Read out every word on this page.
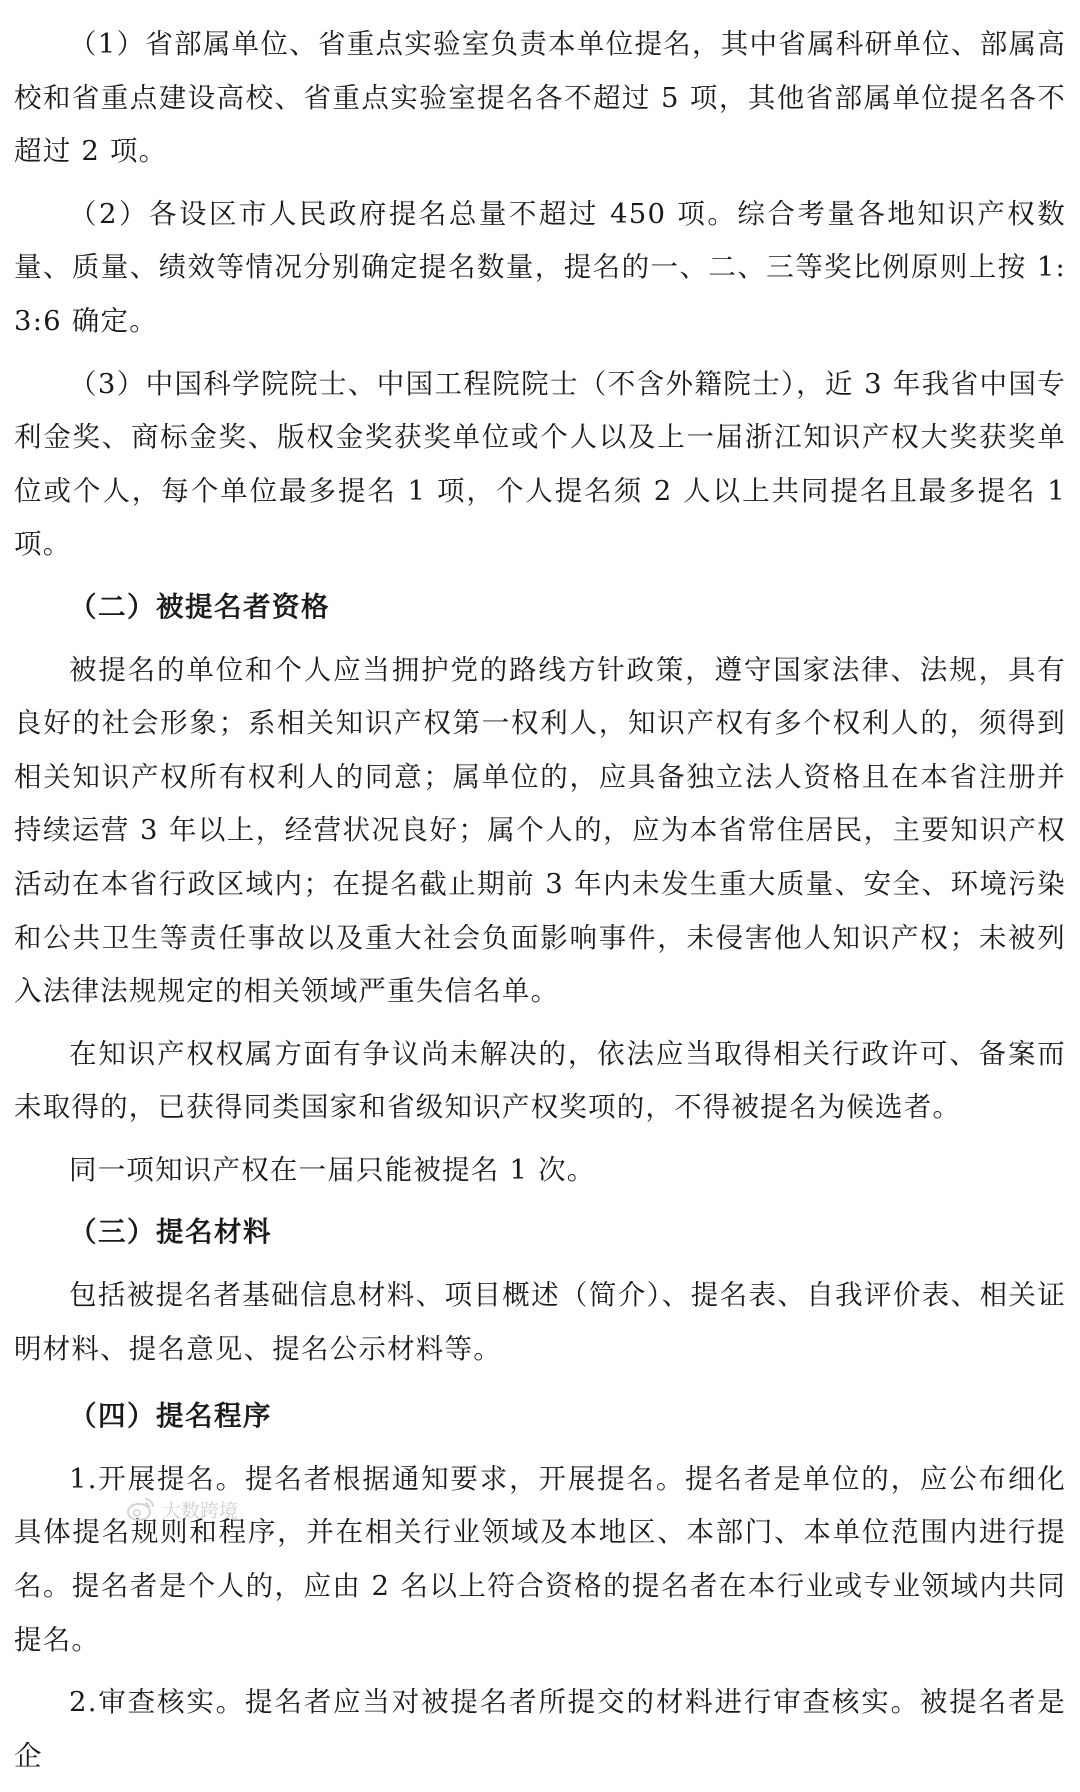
（1）省部属单位、省重点实验室负责本单位提名，其中省属科研单位、部属高校和省重点建设高校、省重点实验室提名各不超过 5 项，其他省部属单位提名各不超过 2 项。

（2）各设区市人民政府提名总量不超过 450 项。综合考量各地知识产权数量、质量、绩效等情况分别确定提名数量，提名的一、二、三等奖比例原则上按 1:3:6 确定。

（3）中国科学院院士、中国工程院院士（不含外籍院士），近 3 年我省中国专利金奖、商标金奖、版权金奖获奖单位或个人以及上一届浙江知识产权大奖获奖单位或个人，每个单位最多提名 1 项，个人提名须 2 人以上共同提名且最多提名 1 项。

（二）被提名者资格

被提名的单位和个人应当拥护党的路线方针政策，遵守国家法律、法规，具有良好的社会形象；系相关知识产权第一权利人，知识产权有多个权利人的，须得到相关知识产权所有权利人的同意；属单位的，应具备独立法人资格且在本省注册并持续运营 3 年以上，经营状况良好；属个人的，应为本省常住居民，主要知识产权活动在本省行政区域内；在提名截止期前 3 年内未发生重大质量、安全、环境污染和公共卫生等责任事故以及重大社会负面影响事件，未侵害他人知识产权；未被列入法律法规规定的相关领域严重失信名单。

在知识产权权属方面有争议尚未解决的，依法应当取得相关行政许可、备案而未取得的，已获得同类国家和省级知识产权奖项的，不得被提名为候选者。

同一项知识产权在一届只能被提名 1 次。

（三）提名材料

包括被提名者基础信息材料、项目概述（简介）、提名表、自我评价表、相关证明材料、提名意见、提名公示材料等。

（四）提名程序

1.开展提名。提名者根据通知要求，开展提名。提名者是单位的，应公布细化具体提名规则和程序，并在相关行业领域及本地区、本部门、本单位范围内进行提名。提名者是个人的，应由 2 名以上符合资格的提名者在本行业或专业领域内共同提名。

2.审查核实。提名者应当对被提名者所提交的材料进行审查核实。被提名者是企

大数跨境
